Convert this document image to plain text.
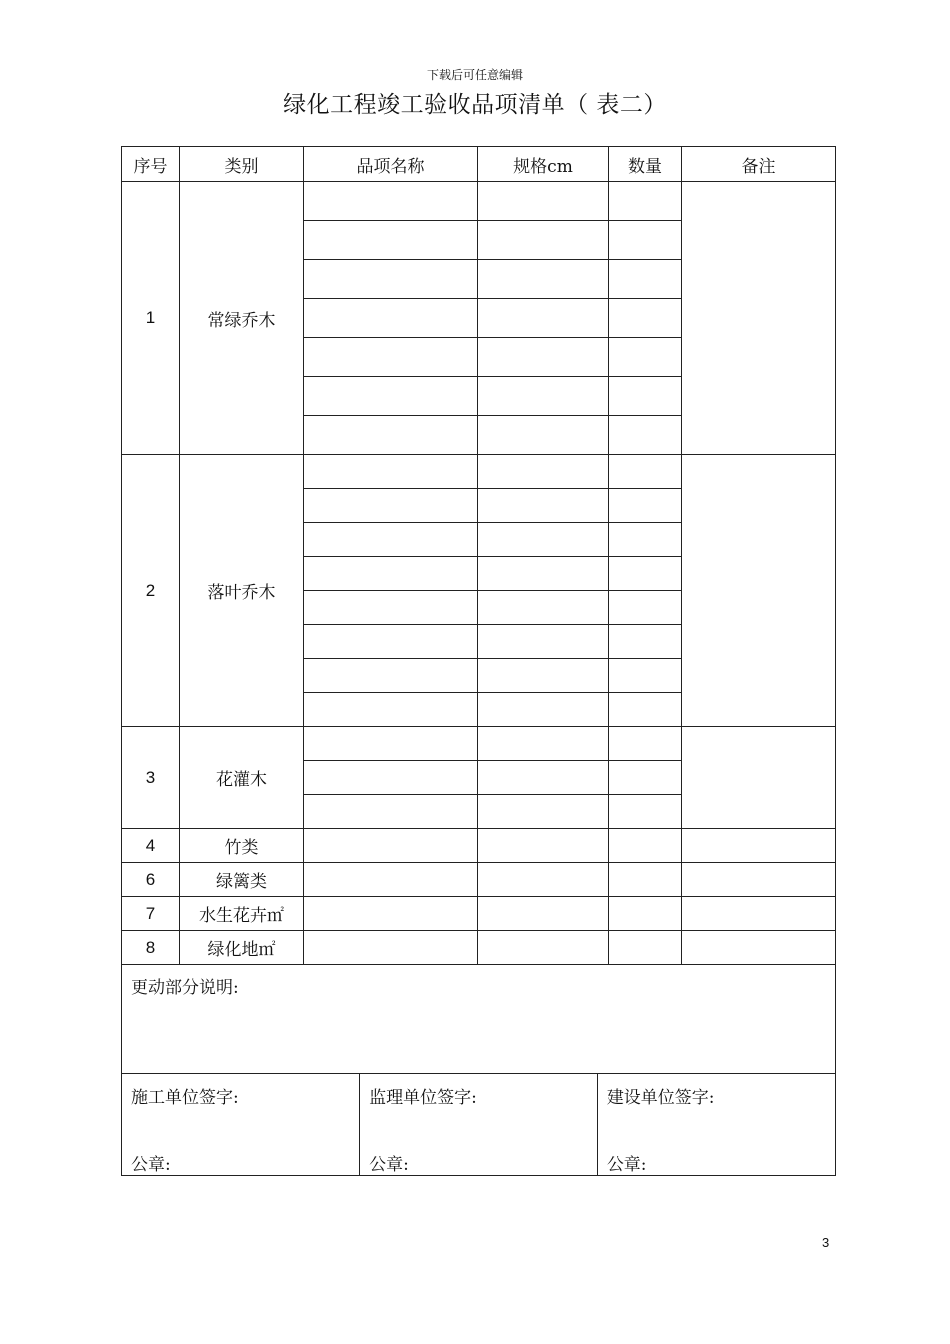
下载后可任意编辑
绿化工程竣工验收品项清单（ 表二）
序号	类别	品项名称	规格cm	数量	备注
1	常绿乔木				

2	落叶乔木				

3	花灌木				

4	竹类				
6	绿篱类				
7	水生花卉㎡				
8	绿化地㎡				
更动部分说明:

施工单位签字:
公章:

监理单位签字:
公章:

建设单位签字:
公章:
3
